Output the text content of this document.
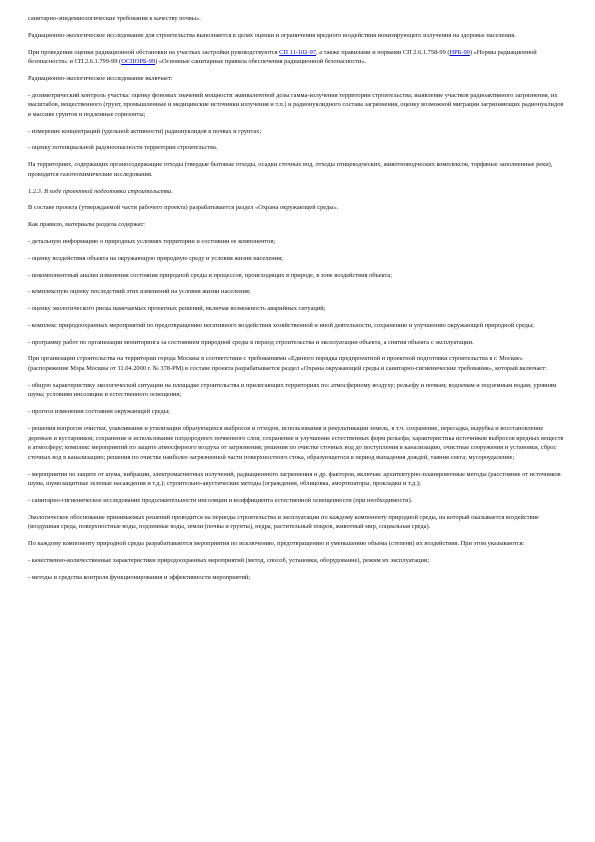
санитарно-эпидемиологические требования к качеству почвы».

Радиационно-экологическое исследование для строительства выполняется в целях оценки и ограничения вредного воздействия ионизирующего излучения на здоровье населения.

При проведении оценки радиационной обстановки на участках застройки руководствуются СП 11-102-97, а также правилами и нормами СП 2.6.1.758-99 (НРБ-99) «Нормы радиационной безопасности» и СП 2.6.1.799-99 (ОСПОРБ-99) «Основные санитарные правила обеспечения радиационной безопасности».

Радиационно-экологическое исследование включает:

- дозиметрический контроль участка: оценку фоновых значений мощности эквивалентной дозы гамма-излучения территории строительства; выявление участков радиоактивного загрязнения, их масштабов, вещественного (грунт, промышленные и медицинские источники излучения и т.п.) и радионуклидного состава загрязнения, оценку возможной миграции загрязняющих радионуклидов в массиве грунтов и подземные горизонты;

- измерение концентраций (удельной активности) радионуклидов в почвах и грунтах;

- оценку потенциальной радоноопасности территории строительства.

На территориях, содержащих органосодержащие отходы (твердые бытовые отходы, осадки сточных вод, отходы птицеводческих, животноводческих комплексов, торфяные заполненные реки), проводятся газогеохимические исследования.

1.2.3. В ходе проектной подготовки строительства.

В составе проекта (утверждаемой части рабочего проекта) разрабатывается раздел «Охрана окружающей среды».

Как правило, материалы раздела содержат:

- детальную информацию о природных условиях территории и состоянии ее компонентов;

- оценку воздействия объекта на окружающую природную среду и условия жизни населения;

- покомпонентный анализ изменения состояния природной среды и процессов, происходящих в природе, в зоне воздействия объекта;

- комплексную оценку последствий этих изменений на условия жизни населения;

- оценку экологического риска намечаемых проектных решений, включая возможность аварийных ситуаций;

- комплекс природоохранных мероприятий по предотвращению негативного воздействия хозяйственной и иной деятельности, сохранению и улучшению окружающей природной среды;

- программу работ по организации мониторинга за состоянием природной среды в период строительства и эксплуатации объекта, а снятия объекта с эксплуатации.

При организации строительства на территории города Москвы в соответствии с требованиями «Единого порядка предпроектной и проектной подготовки строительства в г. Москве» (распоряжение Мэра Москвы от 11.04.2000 г. № 378-РМ) в составе проекта разрабатывается раздел «Охрана окружающей среды и санитарно-гигиенические требования», который включает:

- общую характеристику экологической ситуации на площадке строительства и прилегающих территориях по: атмосферному воздуху; рельефу и почвам; водоемам и подземным водам; уровням шума; условиям инсоляции и естественного освещения;

- прогноз изменения состояния окружающей среды;

- решения вопросов очистки, улавливания и утилизации образующихся выбросов и отходов, использования и рекультивации земель, в т.ч. сохранение, пересадка, вырубка и восстановление деревьев и кустарников; сохранение и использование плодородного почвенного слоя; сохранение и улучшение естественных форм рельефа; характеристика источников выбросов вредных веществ в атмосферу; комплекс мероприятий по защите атмосферного воздуха от загрязнения; решения по очистке сточных вод до поступления в канализацию, очистные сооружения и установки, сброс сточных вод в канализацию; решения по очистке наиболее загрязненной части поверхностного стока, образующегося в период выпадения дождей, таяния снега; мусороудаление;

- мероприятия по защите от шума, вибрации, электромагнитных излучений, радиационного загрязнения и др. факторов, включая: архитектурно-планировочные методы (расстояние от источников шума, шумозащитные зеленые насаждения и т.д.); строительно-акустические методы (ограждения, облицовка, амортизаторы, прокладки и т.д.);

- санитарно-гигиеническое исследование продолжительности инсоляции и коэффициента естественной освещенности (при необходимости).

Экологическое обоснование принимаемых решений проводится на периоды строительства и эксплуатации по каждому компоненту природной среды, на который оказывается воздействие (воздушная среда, поверхностные воды, подземные воды, земли (почвы и грунты), недра, растительный покров, животный мир, социальная среда).

По каждому компоненту природной среды разрабатываются мероприятия по исключению, предотвращению и уменьшению объема (степени) их воздействия. При этом указываются:

- качественно-количественные характеристики природоохранных мероприятий (метод, способ, установки, оборудование), режим их эксплуатации;

- методы и средства контроля функционирования и эффективности мероприятий;
